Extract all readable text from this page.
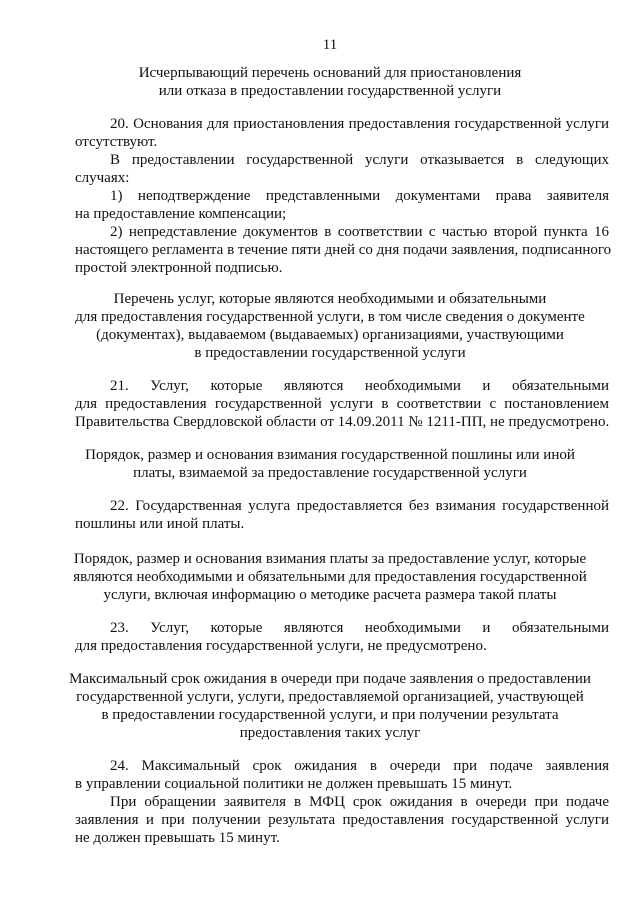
11
Исчерпывающий перечень оснований для приостановления
или отказа в предоставлении государственной услуги
20. Основания для приостановления предоставления государственной услуги
отсутствуют.
В предоставлении государственной услуги отказывается в следующих
случаях:
1) неподтверждение представленными документами права заявителя
на предоставление компенсации;
2) непредставление документов в соответствии с частью второй пункта 16
настоящего регламента в течение пяти дней со дня подачи заявления, подписанного
простой электронной подписью.
Перечень услуг, которые являются необходимыми и обязательными
для предоставления государственной услуги, в том числе сведения о документе
(документах), выдаваемом (выдаваемых) организациями, участвующими
в предоставлении государственной услуги
21. Услуг, которые являются необходимыми и обязательными
для предоставления государственной услуги в соответствии с постановлением
Правительства Свердловской области от 14.09.2011 № 1211-ПП, не предусмотрено.
Порядок, размер и основания взимания государственной пошлины или иной
платы, взимаемой за предоставление государственной услуги
22. Государственная услуга предоставляется без взимания государственной
пошлины или иной платы.
Порядок, размер и основания взимания платы за предоставление услуг, которые
являются необходимыми и обязательными для предоставления государственной
услуги, включая информацию о методике расчета размера такой платы
23. Услуг, которые являются необходимыми и обязательными
для предоставления государственной услуги, не предусмотрено.
Максимальный срок ожидания в очереди при подаче заявления о предоставлении
государственной услуги, услуги, предоставляемой организацией, участвующей
в предоставлении государственной услуги, и при получении результата
предоставления таких услуг
24. Максимальный срок ожидания в очереди при подаче заявления
в управлении социальной политики не должен превышать 15 минут.
При обращении заявителя в МФЦ срок ожидания в очереди при подаче
заявления и при получении результата предоставления государственной услуги
не должен превышать 15 минут.
